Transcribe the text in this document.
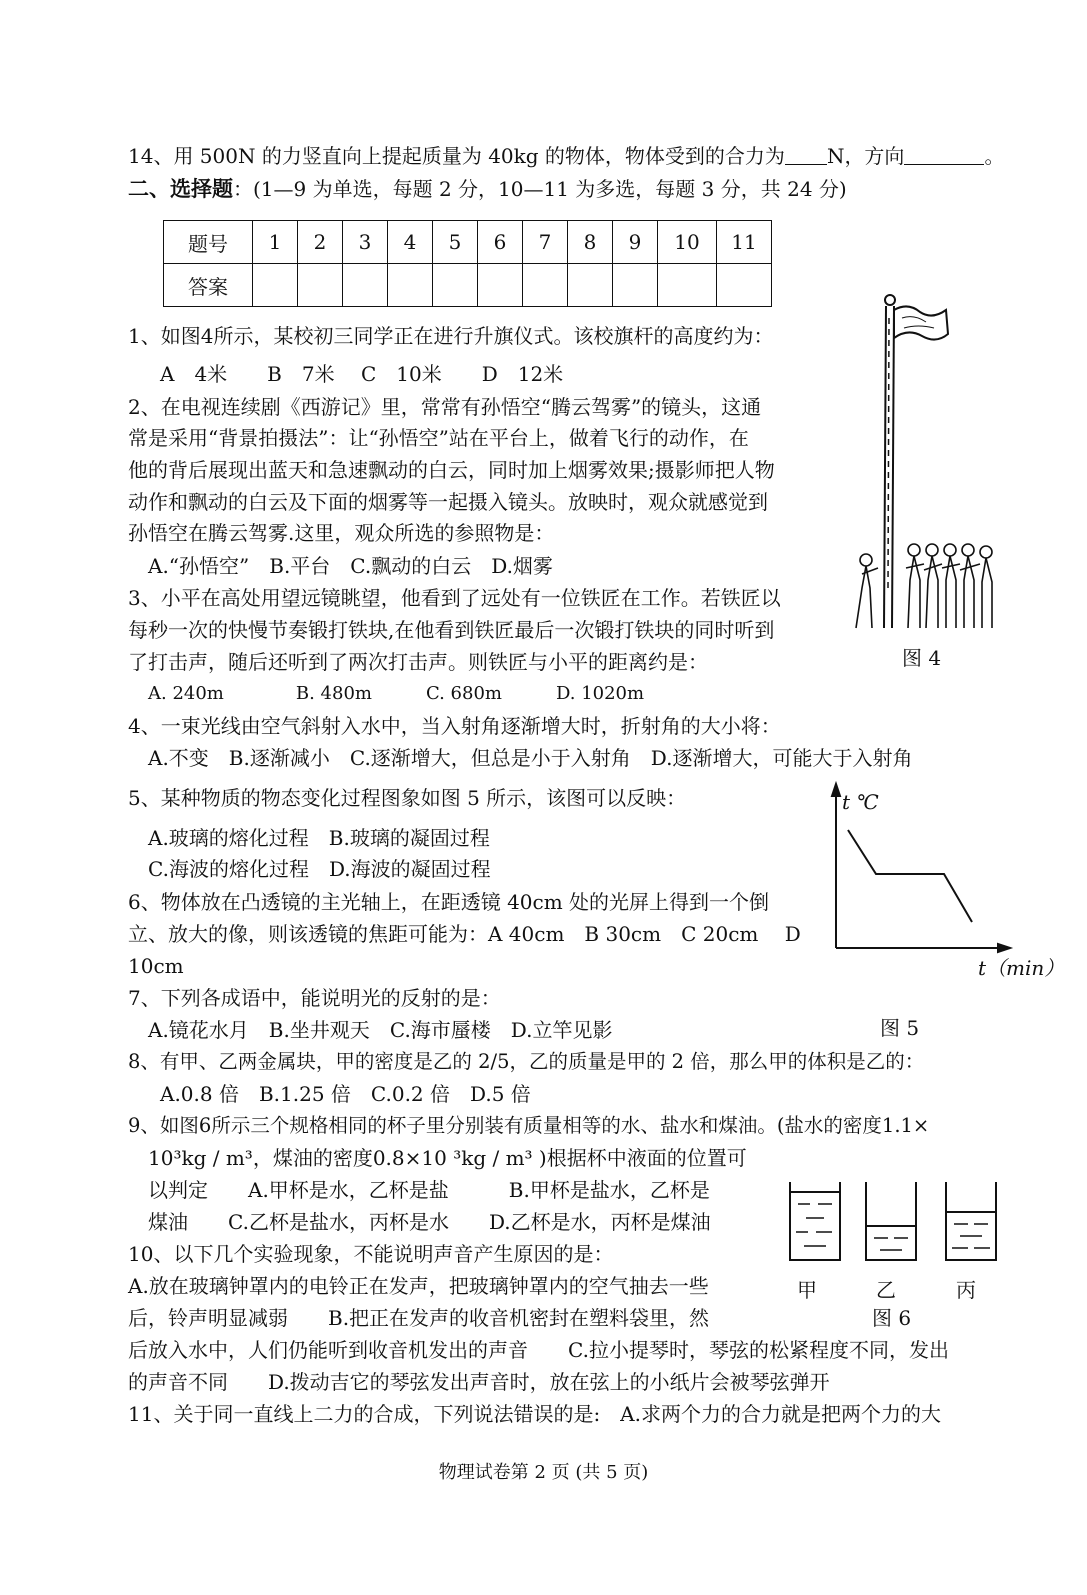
14、用 500N 的力竖直向上提起质量为 40kg 的物体，物体受到的合力为 N，方向	。
二、选择题：(1—9 为单选，每题 2 分，10—11 为多选，每题 3 分，共 24 分)
题号	1	2	3	4	5	6	7	8	9	10	11
答案											
1、如图4所示，某校初三同学正在进行升旗仪式。该校旗杆的高度约为：
A　4米　　B　7米　 C　10米　　D　12米
2、在电视连续剧《西游记》里，常常有孙悟空“腾云驾雾”的镜头，这通
常是采用“背景拍摄法”：让“孙悟空”站在平台上，做着飞行的动作，在
他的背后展现出蓝天和急速飘动的白云，同时加上烟雾效果;摄影师把人物
动作和飘动的白云及下面的烟雾等一起摄入镜头。放映时，观众就感觉到
孙悟空在腾云驾雾.这里，观众所选的参照物是：
A.“孙悟空”　B.平台　C.飘动的白云　D.烟雾
3、小平在高处用望远镜眺望，他看到了远处有一位铁匠在工作。若铁匠以
每秒一次的快慢节奏锻打铁块,在他看到铁匠最后一次锻打铁块的同时听到
了打击声，随后还听到了两次打击声。则铁匠与小平的距离约是：
A. 240m　　　　B. 480m　　　C. 680m　　　D. 1020m
4、一束光线由空气斜射入水中，当入射角逐渐增大时，折射角的大小将：
A.不变　B.逐渐减小　C.逐渐增大，但总是小于入射角　D.逐渐增大，可能大于入射角
5、某种物质的物态变化过程图象如图 5 所示，该图可以反映：
A.玻璃的熔化过程　B.玻璃的凝固过程
C.海波的熔化过程　D.海波的凝固过程
6、物体放在凸透镜的主光轴上，在距透镜 40cm 处的光屏上得到一个倒
立、放大的像，则该透镜的焦距可能为：A 40cm　B 30cm　C 20cm　 D
10cm
7、下列各成语中，能说明光的反射的是：
A.镜花水月　B.坐井观天　C.海市蜃楼　D.立竿见影
8、有甲、乙两金属块，甲的密度是乙的 2/5，乙的质量是甲的 2 倍，那么甲的体积是乙的：
A.0.8 倍　B.1.25 倍　C.0.2 倍　D.5 倍
9、如图6所示三个规格相同的杯子里分别装有质量相等的水、盐水和煤油。(盐水的密度1.1×
10³kg / m³，煤油的密度0.8×10 ³kg / m³ )根据杯中液面的位置可
以判定　　A.甲杯是水，乙杯是盐　　　B.甲杯是盐水，乙杯是
煤油　　C.乙杯是盐水，丙杯是水　　D.乙杯是水，丙杯是煤油
10、以下几个实验现象，不能说明声音产生原因的是：
A.放在玻璃钟罩内的电铃正在发声，把玻璃钟罩内的空气抽去一些
后，铃声明显减弱　　B.把正在发声的收音机密封在塑料袋里，然
后放入水中，人们仍能听到收音机发出的声音　　C.拉小提琴时，琴弦的松紧程度不同，发出
的声音不同　　D.拨动吉它的琴弦发出声音时，放在弦上的小纸片会被琴弦弹开
11、关于同一直线上二力的合成，下列说法错误的是:　A.求两个力的合力就是把两个力的大
图 4
t ℃
t（min）
图 5
甲	乙	丙
图 6
物理试卷第 2 页 (共 5 页)
